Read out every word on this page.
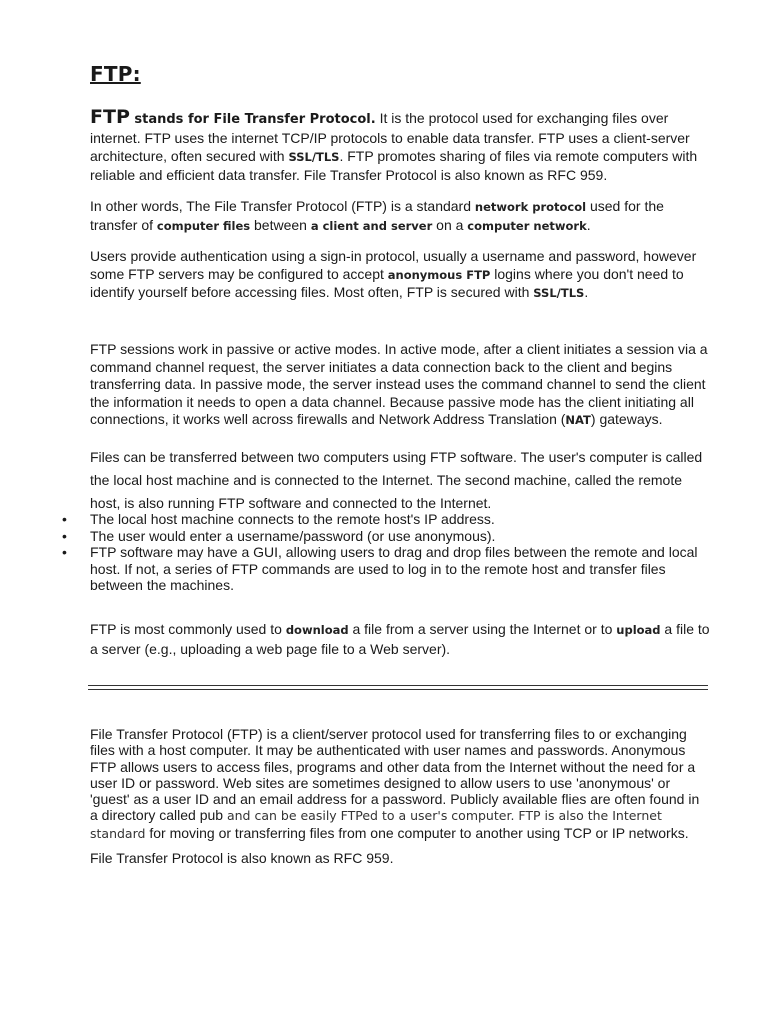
FTP:

FTP stands for File Transfer Protocol. It is the protocol used for exchanging files over internet. FTP uses the internet TCP/IP protocols to enable data transfer. FTP uses a client-server architecture, often secured with SSL/TLS. FTP promotes sharing of files via remote computers with reliable and efficient data transfer. File Transfer Protocol is also known as RFC 959.

In other words, The File Transfer Protocol (FTP) is a standard network protocol used for the transfer of computer files between a client and server on a computer network.

Users provide authentication using a sign-in protocol, usually a username and password, however some FTP servers may be configured to accept anonymous FTP logins where you don't need to identify yourself before accessing files. Most often, FTP is secured with SSL/TLS.

FTP sessions work in passive or active modes. In active mode, after a client initiates a session via a command channel request, the server initiates a data connection back to the client and begins transferring data. In passive mode, the server instead uses the command channel to send the client the information it needs to open a data channel. Because passive mode has the client initiating all connections, it works well across firewalls and Network Address Translation (NAT) gateways.

Files can be transferred between two computers using FTP software. The user's computer is called the local host machine and is connected to the Internet. The second machine, called the remote host, is also running FTP software and connected to the Internet.

• The local host machine connects to the remote host's IP address.
• The user would enter a username/password (or use anonymous).
• FTP software may have a GUI, allowing users to drag and drop files between the remote and local host. If not, a series of FTP commands are used to log in to the remote host and transfer files between the machines.

FTP is most commonly used to download a file from a server using the Internet or to upload a file to a server (e.g., uploading a web page file to a Web server).

File Transfer Protocol (FTP) is a client/server protocol used for transferring files to or exchanging files with a host computer. It may be authenticated with user names and passwords. Anonymous FTP allows users to access files, programs and other data from the Internet without the need for a user ID or password. Web sites are sometimes designed to allow users to use 'anonymous' or 'guest' as a user ID and an email address for a password. Publicly available flies are often found in a directory called pub and can be easily FTPed to a user's computer. FTP is also the Internet standard for moving or transferring files from one computer to another using TCP or IP networks.

File Transfer Protocol is also known as RFC 959.
